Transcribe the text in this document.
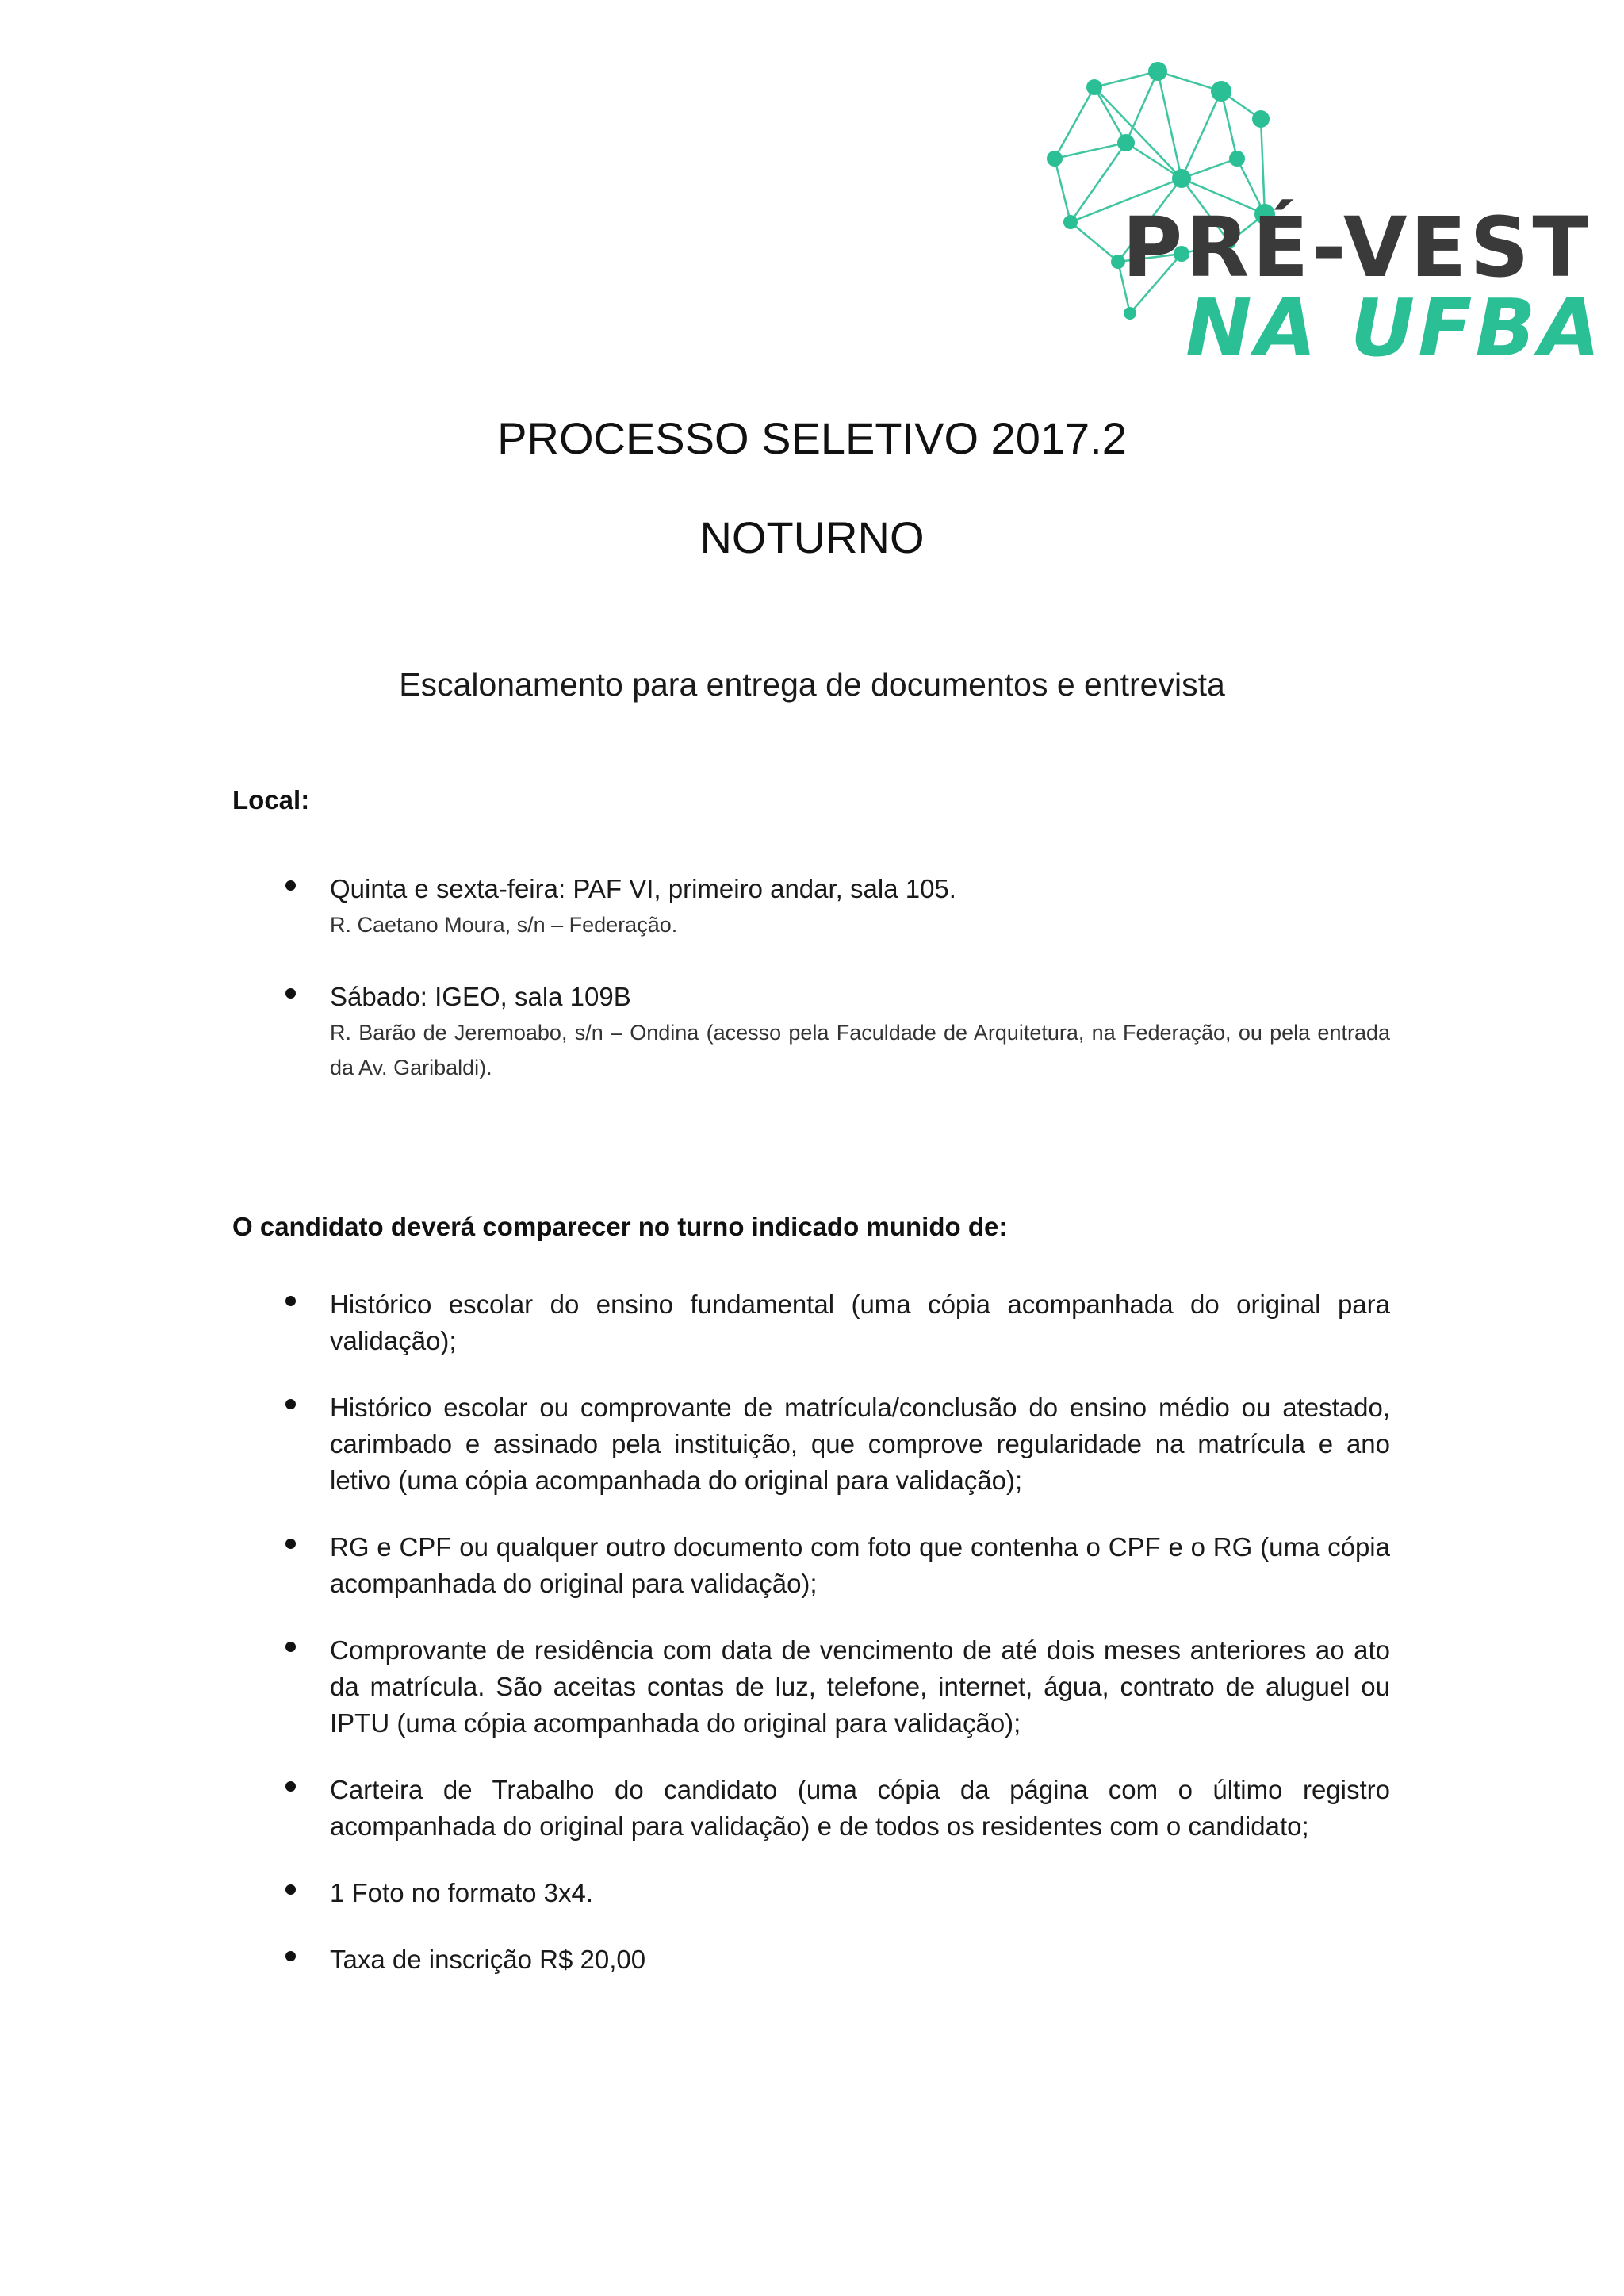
PRÉ-VEST
NA UFBA
PROCESSO SELETIVO 2017.2
NOTURNO
Escalonamento para entrega de documentos e entrevista

Local:

Quinta e sexta-feira: PAF VI, primeiro andar, sala 105.
R. Caetano Moura, s/n – Federação.
Sábado: IGEO, sala 109B
R. Barão de Jeremoabo, s/n – Ondina (acesso pela Faculdade de Arquitetura, na Federação, ou pela entrada da Av. Garibaldi).

O candidato deverá comparecer no turno indicado munido de:

Histórico escolar do ensino fundamental (uma cópia acompanhada do original para validação);
Histórico escolar ou comprovante de matrícula/conclusão do ensino médio ou atestado, carimbado e assinado pela instituição, que comprove regularidade na matrícula e ano letivo (uma cópia acompanhada do original para validação);
RG e CPF ou qualquer outro documento com foto que contenha o CPF e o RG (uma cópia acompanhada do original para validação);
Comprovante de residência com data de vencimento de até dois meses anteriores ao ato da matrícula. São aceitas contas de luz, telefone, internet, água, contrato de aluguel ou IPTU (uma cópia acompanhada do original para validação);
Carteira de Trabalho do candidato (uma cópia da página com o último registro acompanhada do original para validação) e de todos os residentes com o candidato;
1 Foto no formato 3x4.
Taxa de inscrição R$ 20,00
